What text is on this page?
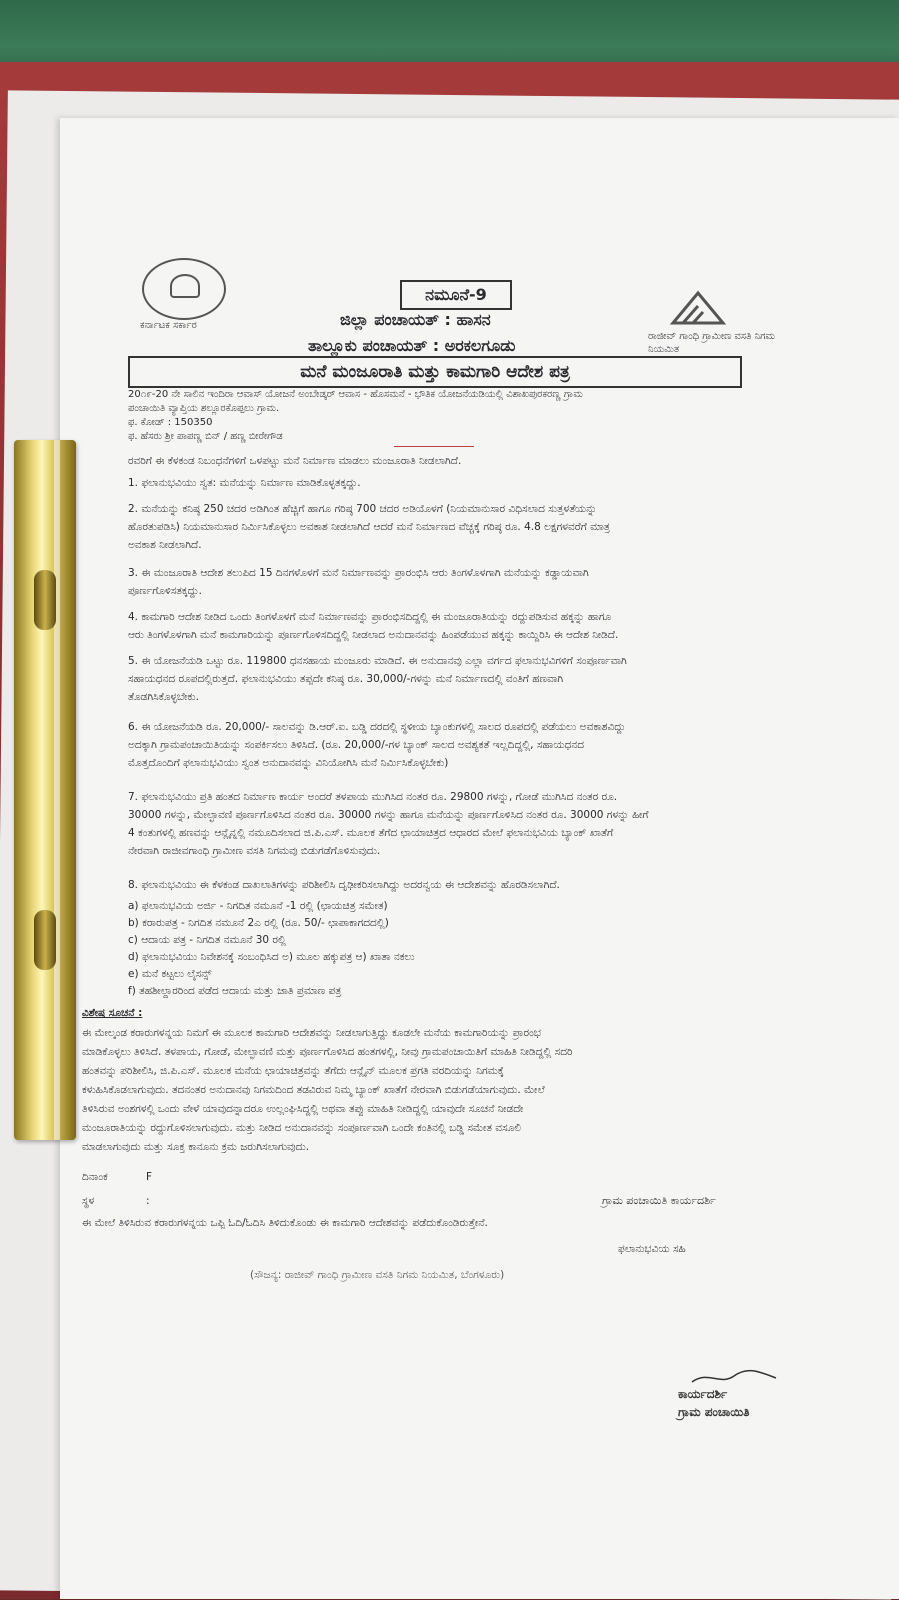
ಕರ್ನಾಟಕ ಸರ್ಕಾರ
ನಮೂನೆ-9
ಜಿಲ್ಲಾ ಪಂಚಾಯತ್ : ಹಾಸನ
ತಾಲ್ಲೂಕು ಪಂಚಾಯತ್ : ಅರಕಲಗೂಡು	ರಾಜೀವ್ ಗಾಂಧಿ ಗ್ರಾಮೀಣ ವಸತಿ ನಿಗಮ ನಿಯಮಿತ
ಮನೆ ಮಂಜೂರಾತಿ ಮತ್ತು ಕಾಮಗಾರಿ ಆದೇಶ ಪತ್ರ
20೧೯-20 ನೇ ಸಾಲಿನ ಇಂದಿರಾ ಆವಾಸ್ ಯೋಜನೆ ಅಂಬೇಡ್ಕರ್ ಆವಾಸ - ಹೊಸಮನೆ - ಭೌತಿಕ ಯೋಜನೆಯಡಿಯಲ್ಲಿ ವಿಶಾಖಪುರಕರಣ್ಣ ಗ್ರಾಮ
ಪಂಚಾಯಿತಿ ವ್ಯಾಪ್ತಿಯ ಶಲ್ಲೂರಕೊಪ್ಪಲು ಗ್ರಾಮ.
ಫ. ಕೋಡ್ : 150350
ಫ. ಹೆಸರು ಶ್ರೀ ಪಾಪಣ್ಣ ಬಿನ್ / ಹಣ್ಣ ಬೀರೇಗೌಡ
ರವರಿಗೆ ಈ ಕೆಳಕಂಡ ನಿಬಂಧನೆಗಳಿಗೆ ಒಳಪಟ್ಟು ಮನೆ ನಿರ್ಮಾಣ ಮಾಡಲು ಮಂಜೂರಾತಿ ನೀಡಲಾಗಿದೆ.
1. ಫಲಾನುಭವಿಯು ಸ್ವತ: ಮನೆಯನ್ನು ನಿರ್ಮಾಣ ಮಾಡಿಕೊಳ್ಳತಕ್ಕದ್ದು.
2. ಮನೆಯನ್ನು ಕನಿಷ್ಠ 250 ಚದರ ಅಡಿಗಿಂತ ಹೆಚ್ಚಿಗೆ ಹಾಗೂ ಗರಿಷ್ಠ 700 ಚದರ ಅಡಿಯೊಳಗೆ (ನಿಯಮಾನುಸಾರ ವಿಧಿಸಲಾದ ಸುತ್ತಳತೆಯನ್ನು
ಹೊರತುಪಡಿಸಿ) ನಿಯಮಾನುಸಾರ ನಿರ್ಮಿಸಿಕೊಳ್ಳಲು ಅವಕಾಶ ನೀಡಲಾಗಿದೆ ಆದರೆ ಮನೆ ನಿರ್ಮಾಣದ ವೆಚ್ಚಕ್ಕೆ ಗರಿಷ್ಠ ರೂ. 4.8 ಲಕ್ಷಗಳವರೆಗೆ ಮಾತ್ರ
ಅವಕಾಶ ನೀಡಲಾಗಿದೆ.
3. ಈ ಮಂಜೂರಾತಿ ಆದೇಶ ತಲುಪಿದ 15 ದಿನಗಳೊಳಗೆ ಮನೆ ನಿರ್ಮಾಣವನ್ನು ಪ್ರಾರಂಭಿಸಿ ಆರು ತಿಂಗಳೊಳಗಾಗಿ ಮನೆಯನ್ನು ಕಡ್ಡಾಯವಾಗಿ
ಪೂರ್ಣಗೊಳಿಸತಕ್ಕದ್ದು.
4. ಕಾಮಗಾರಿ ಆದೇಶ ನೀಡಿದ ಒಂದು ತಿಂಗಳೊಳಗೆ ಮನೆ ನಿರ್ಮಾಣವನ್ನು ಪ್ರಾರಂಭಿಸದಿದ್ದಲ್ಲಿ ಈ ಮಂಜೂರಾತಿಯನ್ನು ರದ್ದುಪಡಿಸುವ ಹಕ್ಕನ್ನು ಹಾಗೂ
ಆರು ತಿಂಗಳೊಳಗಾಗಿ ಮನೆ ಕಾಮಗಾರಿಯನ್ನು ಪೂರ್ಣಗೊಳಿಸದಿದ್ದಲ್ಲಿ ನೀಡಲಾದ ಅನುದಾನವನ್ನು ಹಿಂಪಡೆಯುವ ಹಕ್ಕನ್ನು ಕಾಯ್ದಿರಿಸಿ ಈ ಆದೇಶ ನೀಡಿದೆ.
5. ಈ ಯೋಜನೆಯಡಿ ಒಟ್ಟು ರೂ. 119800 ಧನಸಹಾಯ ಮಂಜೂರು ಮಾಡಿದೆ. ಈ ಅನುದಾನವು ಎಲ್ಲಾ ವರ್ಗದ ಫಲಾನುಭವಿಗಳಿಗೆ ಸಂಪೂರ್ಣವಾಗಿ
ಸಹಾಯಧನದ ರೂಪದಲ್ಲಿರುತ್ತದೆ. ಫಲಾನುಭವಿಯು ತಪ್ಪದೇ ಕನಿಷ್ಠ ರೂ. 30,000/-ಗಳನ್ನು ಮನೆ ನಿರ್ಮಾಣದಲ್ಲಿ ವಂತಿಗೆ ಹಣವಾಗಿ
ತೊಡಗಿಸಿಕೊಳ್ಳಬೇಕು.
6. ಈ ಯೋಜನೆಯಡಿ ರೂ. 20,000/- ಸಾಲವನ್ನು ಡಿ.ಆರ್.ಐ. ಬಡ್ಡಿ ದರದಲ್ಲಿ ಸ್ಥಳೀಯ ಬ್ಯಾಂಕುಗಳಲ್ಲಿ ಸಾಲದ ರೂಪದಲ್ಲಿ ಪಡೆಯಲು ಅವಕಾಶವಿದ್ದು
ಅದಕ್ಕಾಗಿ ಗ್ರಾಮಪಂಚಾಯಿತಿಯನ್ನು ಸಂಪರ್ಕಿಸಲು ತಿಳಿಸಿದೆ. (ರೂ. 20,000/-ಗಳ ಬ್ಯಾಂಕ್ ಸಾಲದ ಅವಶ್ಯಕತೆ ಇಲ್ಲದಿದ್ದಲ್ಲಿ, ಸಹಾಯಧನದ
ಮೊತ್ತದೊಂದಿಗೆ ಫಲಾನುಭವಿಯು ಸ್ವಂತ ಅನುದಾನವನ್ನು ವಿನಿಯೋಗಿಸಿ ಮನೆ ನಿರ್ಮಿಸಿಕೊಳ್ಳಬೇಕು)
7. ಫಲಾನುಭವಿಯು ಪ್ರತಿ ಹಂತದ ನಿರ್ಮಾಣ ಕಾರ್ಯ ಅಂದರೆ ತಳಪಾಯ ಮುಗಿಸಿದ ನಂತರ ರೂ. 29800 ಗಳನ್ನು, ಗೋಡೆ ಮುಗಿಸಿದ ನಂತರ ರೂ.
30000 ಗಳನ್ನು, ಮೇಲ್ಛಾವಣಿ ಪೂರ್ಣಗೊಳಿಸಿದ ನಂತರ ರೂ. 30000 ಗಳನ್ನು ಹಾಗೂ ಮನೆಯನ್ನು ಪೂರ್ಣಗೊಳಿಸಿದ ನಂತರ ರೂ. 30000 ಗಳನ್ನು ಹೀಗೆ
4 ಕಂತುಗಳಲ್ಲಿ ಹಣವನ್ನು ಆನ್ಲೈನ್ನಲ್ಲಿ ನಮೂದಿಸಲಾದ ಜಿ.ಪಿ.ಎಸ್. ಮೂಲಕ ತೆಗೆದ ಛಾಯಾಚಿತ್ರದ ಆಧಾರದ ಮೇಲೆ ಫಲಾನುಭವಿಯ ಬ್ಯಾಂಕ್ ಖಾತೆಗೆ
ನೇರವಾಗಿ ರಾಜೀವಗಾಂಧಿ ಗ್ರಾಮೀಣ ವಸತಿ ನಿಗಮವು ಬಿಡುಗಡೆಗೊಳಿಸುವುದು.
8. ಫಲಾನುಭವಿಯು ಈ ಕೆಳಕಂಡ ದಾಖಲಾತಿಗಳನ್ನು ಪರಿಶೀಲಿಸಿ ದೃಢೀಕರಿಸಲಾಗಿದ್ದು ಅದರನ್ವಯ ಈ ಆದೇಶವನ್ನು ಹೊರಡಿಸಲಾಗಿದೆ.
a) ಫಲಾನುಭವಿಯ ಅರ್ಜಿ - ನಿಗದಿತ ನಮೂನೆ -1 ರಲ್ಲಿ (ಛಾಯಚಿತ್ರ ಸಮೇತ)
b) ಕರಾರುಪತ್ರ - ನಿಗದಿತ ನಮೂನೆ 2ಎ ರಲ್ಲಿ (ರೂ. 50/- ಛಾಪಾಕಾಗದದಲ್ಲಿ)
c) ಆದಾಯ ಪತ್ರ - ನಿಗದಿತ ನಮೂನೆ 30 ರಲ್ಲಿ
d) ಫಲಾನುಭವಿಯು ನಿವೇಶನಕ್ಕೆ ಸಂಬಂಧಿಸಿದ ಅ) ಮೂಲ ಹಕ್ಕುಪತ್ರ ಆ) ಖಾತಾ ನಕಲು
e) ಮನೆ ಕಟ್ಟಲು ಲೈಸನ್ಸ್
f) ತಹಶೀಲ್ದಾರರಿಂದ ಪಡೆದ ಆದಾಯ ಮತ್ತು ಜಾತಿ ಪ್ರಮಾಣ ಪತ್ರ
ವಿಶೇಷ ಸೂಚನೆ :
ಈ ಮೇಲ್ಕಂಡ ಕರಾರುಗಳನ್ನಯ ನಿಮಗೆ ಈ ಮೂಲಕ ಕಾಮಗಾರಿ ಆದೇಶವನ್ನು ನೀಡಲಾಗುತ್ತಿದ್ದು ಕೂಡಲೇ ಮನೆಯ ಕಾಮಗಾರಿಯನ್ನು ಪ್ರಾರಂಭ
ಮಾಡಿಕೊಳ್ಳಲು ತಿಳಿಸಿದೆ. ತಳಪಾಯ, ಗೋಡೆ, ಮೇಲ್ಛಾವಣಿ ಮತ್ತು ಪೂರ್ಣಗೊಳಿಸಿದ ಹಂತಗಳಲ್ಲಿ, ನೀವು ಗ್ರಾಮಪಂಚಾಯಿತಿಗೆ ಮಾಹಿತಿ ನೀಡಿದ್ದಲ್ಲಿ ಸದರಿ
ಹಂತವನ್ನು ಪರಿಶೀಲಿಸಿ, ಜಿ.ಪಿ.ಎಸ್. ಮೂಲಕ ಮನೆಯ ಛಾಯಾಚಿತ್ರವನ್ನು ತೆಗೆದು ಆನ್ಲೈನ್ ಮೂಲಕ ಪ್ರಗತಿ ವರದಿಯನ್ನು ನಿಗಮಕ್ಕೆ
ಕಳುಹಿಸಿಕೊಡಲಾಗುವುದು. ತದನಂತರ ಅನುದಾನವು ನಿಗಮದಿಂದ ತಡವಿರುವ ನಿಮ್ಮ ಬ್ಯಾಂಕ್ ಖಾತೆಗೆ ನೇರವಾಗಿ ಬಿಡುಗಡೆಯಾಗುವುದು. ಮೇಲೆ
ತಿಳಿಸಿರುವ ಅಂಶಗಳಲ್ಲಿ ಒಂದು ವೇಳೆ ಯಾವುದನ್ನಾದರೂ ಉಲ್ಲಂಘಿಸಿದ್ದಲ್ಲಿ ಅಥವಾ ತಪ್ಪು ಮಾಹಿತಿ ನೀಡಿದ್ದಲ್ಲಿ ಯಾವುದೇ ಸೂಚನೆ ನೀಡದೇ
ಮಂಜೂರಾತಿಯನ್ನು ರದ್ದುಗೊಳಿಸಲಾಗುವುದು. ಮತ್ತು ನೀಡಿದ ಅನುದಾನವನ್ನು ಸಂಪೂರ್ಣವಾಗಿ ಒಂದೇ ಕಂತಿನಲ್ಲಿ ಬಡ್ಡಿ ಸಮೇತ ವಸೂಲಿ
ಮಾಡಲಾಗುವುದು ಮತ್ತು ಸೂಕ್ತ ಕಾನೂನು ಕ್ರಮ ಜರುಗಿಸಲಾಗುವುದು.
ದಿನಾಂಕ	F
ಸ್ಥಳ	:	ಗ್ರಾಮ ಪಂಚಾಯಿತಿ ಕಾರ್ಯದರ್ಶಿ
ಈ ಮೇಲೆ ತಿಳಿಸಿರುವ ಕರಾರುಗಳನ್ನಯ ಒಪ್ಪಿ ಓದಿ/ಓದಿಸಿ ತಿಳಿದುಕೊಂಡು ಈ ಕಾಮಗಾರಿ ಆದೇಶವನ್ನು ಪಡೆದುಕೊಂಡಿರುತ್ತೇನೆ.
ಫಲಾನುಭವಿಯ ಸಹಿ
(ಸೌಜನ್ಯ: ರಾಜೀವ್ ಗಾಂಧಿ ಗ್ರಾಮೀಣ ವಸತಿ ನಿಗಮ ನಿಯಮಿತ, ಬೆಂಗಳೂರು)
ಕಾರ್ಯದರ್ಶಿ
ಗ್ರಾಮ ಪಂಚಾಯಿತಿ
